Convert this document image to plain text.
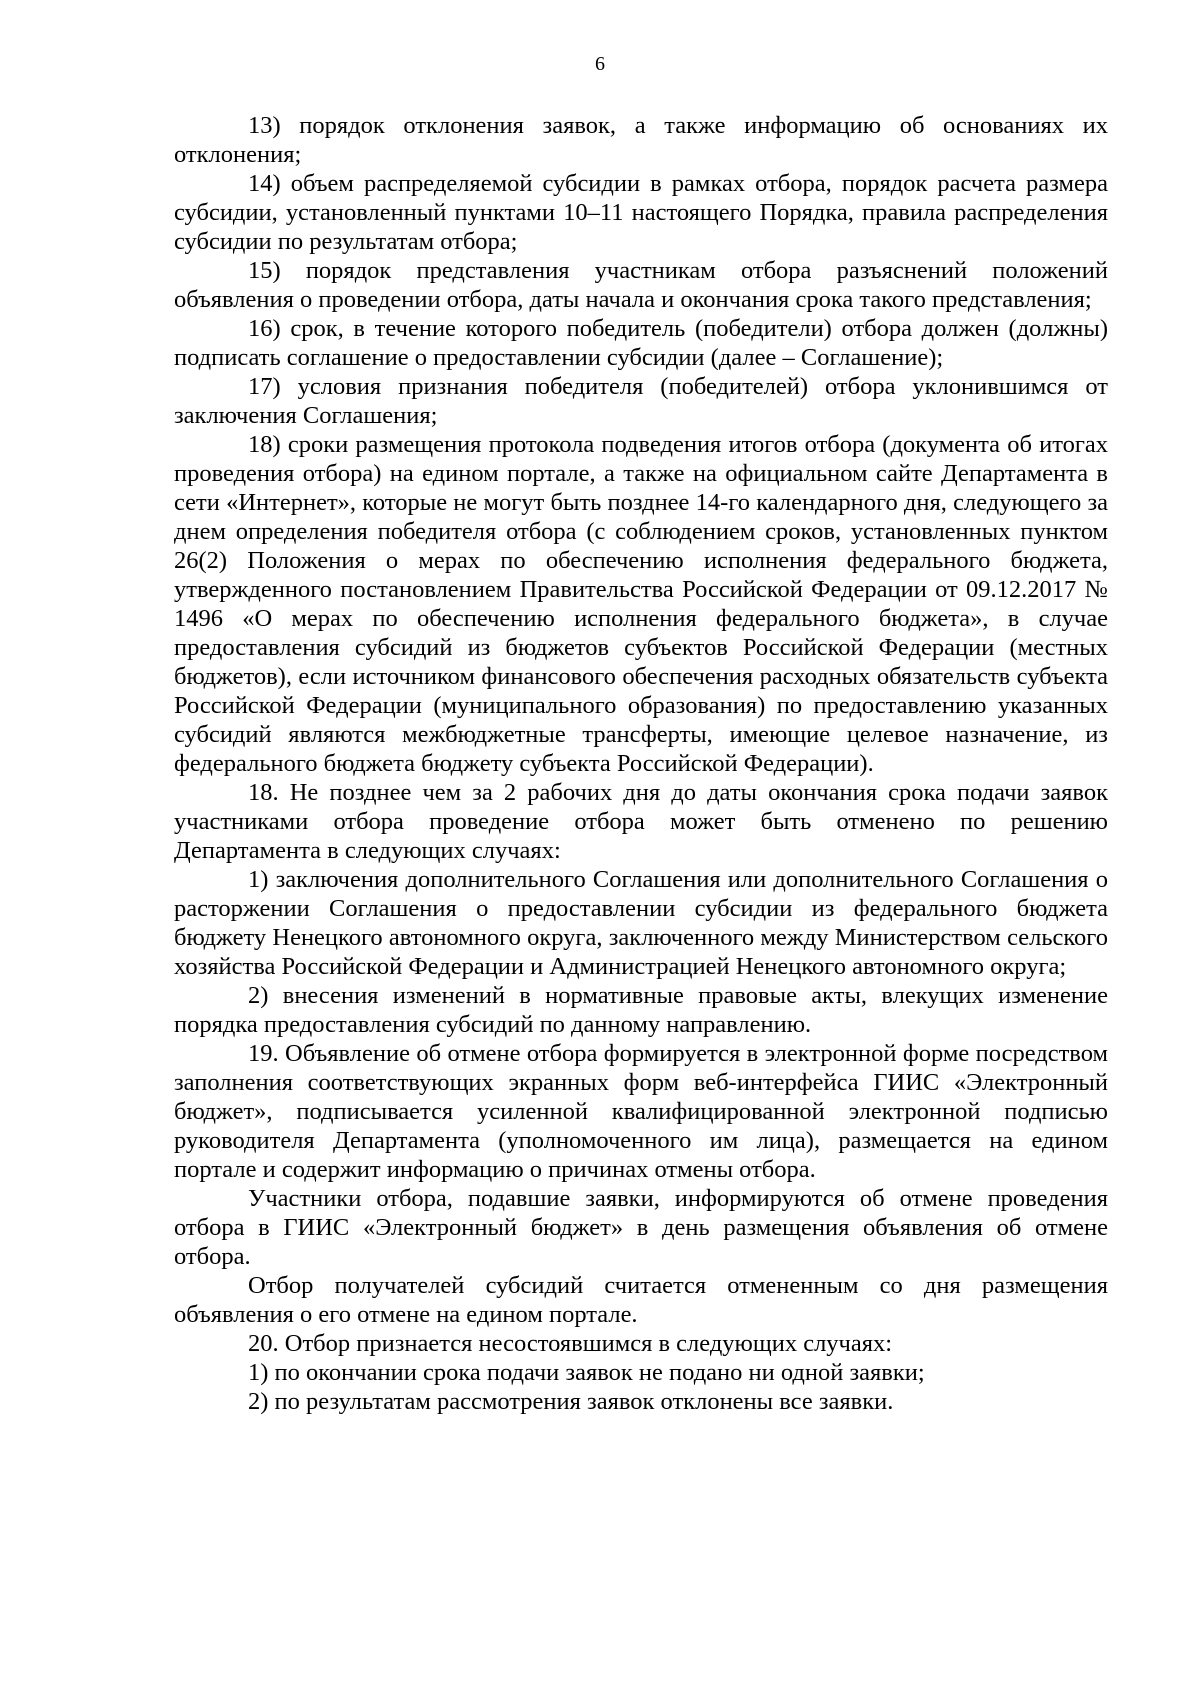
6

13) порядок отклонения заявок, а также информацию об основаниях их отклонения;

14) объем распределяемой субсидии в рамках отбора, порядок расчета размера субсидии, установленный пунктами 10–11 настоящего Порядка, правила распределения субсидии по результатам отбора;

15) порядок представления участникам отбора разъяснений положений объявления о проведении отбора, даты начала и окончания срока такого представления;

16) срок, в течение которого победитель (победители) отбора должен (должны) подписать соглашение о предоставлении субсидии (далее – Соглашение);

17) условия признания победителя (победителей) отбора уклонившимся от заключения Соглашения;

18) сроки размещения протокола подведения итогов отбора (документа об итогах проведения отбора) на едином портале, а также на официальном сайте Департамента в сети «Интернет», которые не могут быть позднее 14-го календарного дня, следующего за днем определения победителя отбора (с соблюдением сроков, установленных пунктом 26(2) Положения о мерах по обеспечению исполнения федерального бюджета, утвержденного постановлением Правительства Российской Федерации от 09.12.2017 № 1496 «О мерах по обеспечению исполнения федерального бюджета», в случае предоставления субсидий из бюджетов субъектов Российской Федерации (местных бюджетов), если источником финансового обеспечения расходных обязательств субъекта Российской Федерации (муниципального образования) по предоставлению указанных субсидий являются межбюджетные трансферты, имеющие целевое назначение, из федерального бюджета бюджету субъекта Российской Федерации).

18. Не позднее чем за 2 рабочих дня до даты окончания срока подачи заявок участниками отбора проведение отбора может быть отменено по решению Департамента в следующих случаях:

1) заключения дополнительного Соглашения или дополнительного Соглашения о расторжении Соглашения о предоставлении субсидии из федерального бюджета бюджету Ненецкого автономного округа, заключенного между Министерством сельского хозяйства Российской Федерации и Администрацией Ненецкого автономного округа;

2) внесения изменений в нормативные правовые акты, влекущих изменение порядка предоставления субсидий по данному направлению.

19. Объявление об отмене отбора формируется в электронной форме посредством заполнения соответствующих экранных форм веб-интерфейса ГИИС «Электронный бюджет», подписывается усиленной квалифицированной электронной подписью руководителя Департамента (уполномоченного им лица), размещается на едином портале и содержит информацию о причинах отмены отбора.

Участники отбора, подавшие заявки, информируются об отмене проведения отбора в ГИИС «Электронный бюджет» в день размещения объявления об отмене отбора.

Отбор получателей субсидий считается отмененным со дня размещения объявления о его отмене на едином портале.

20. Отбор признается несостоявшимся в следующих случаях:

1) по окончании срока подачи заявок не подано ни одной заявки;

2) по результатам рассмотрения заявок отклонены все заявки.
